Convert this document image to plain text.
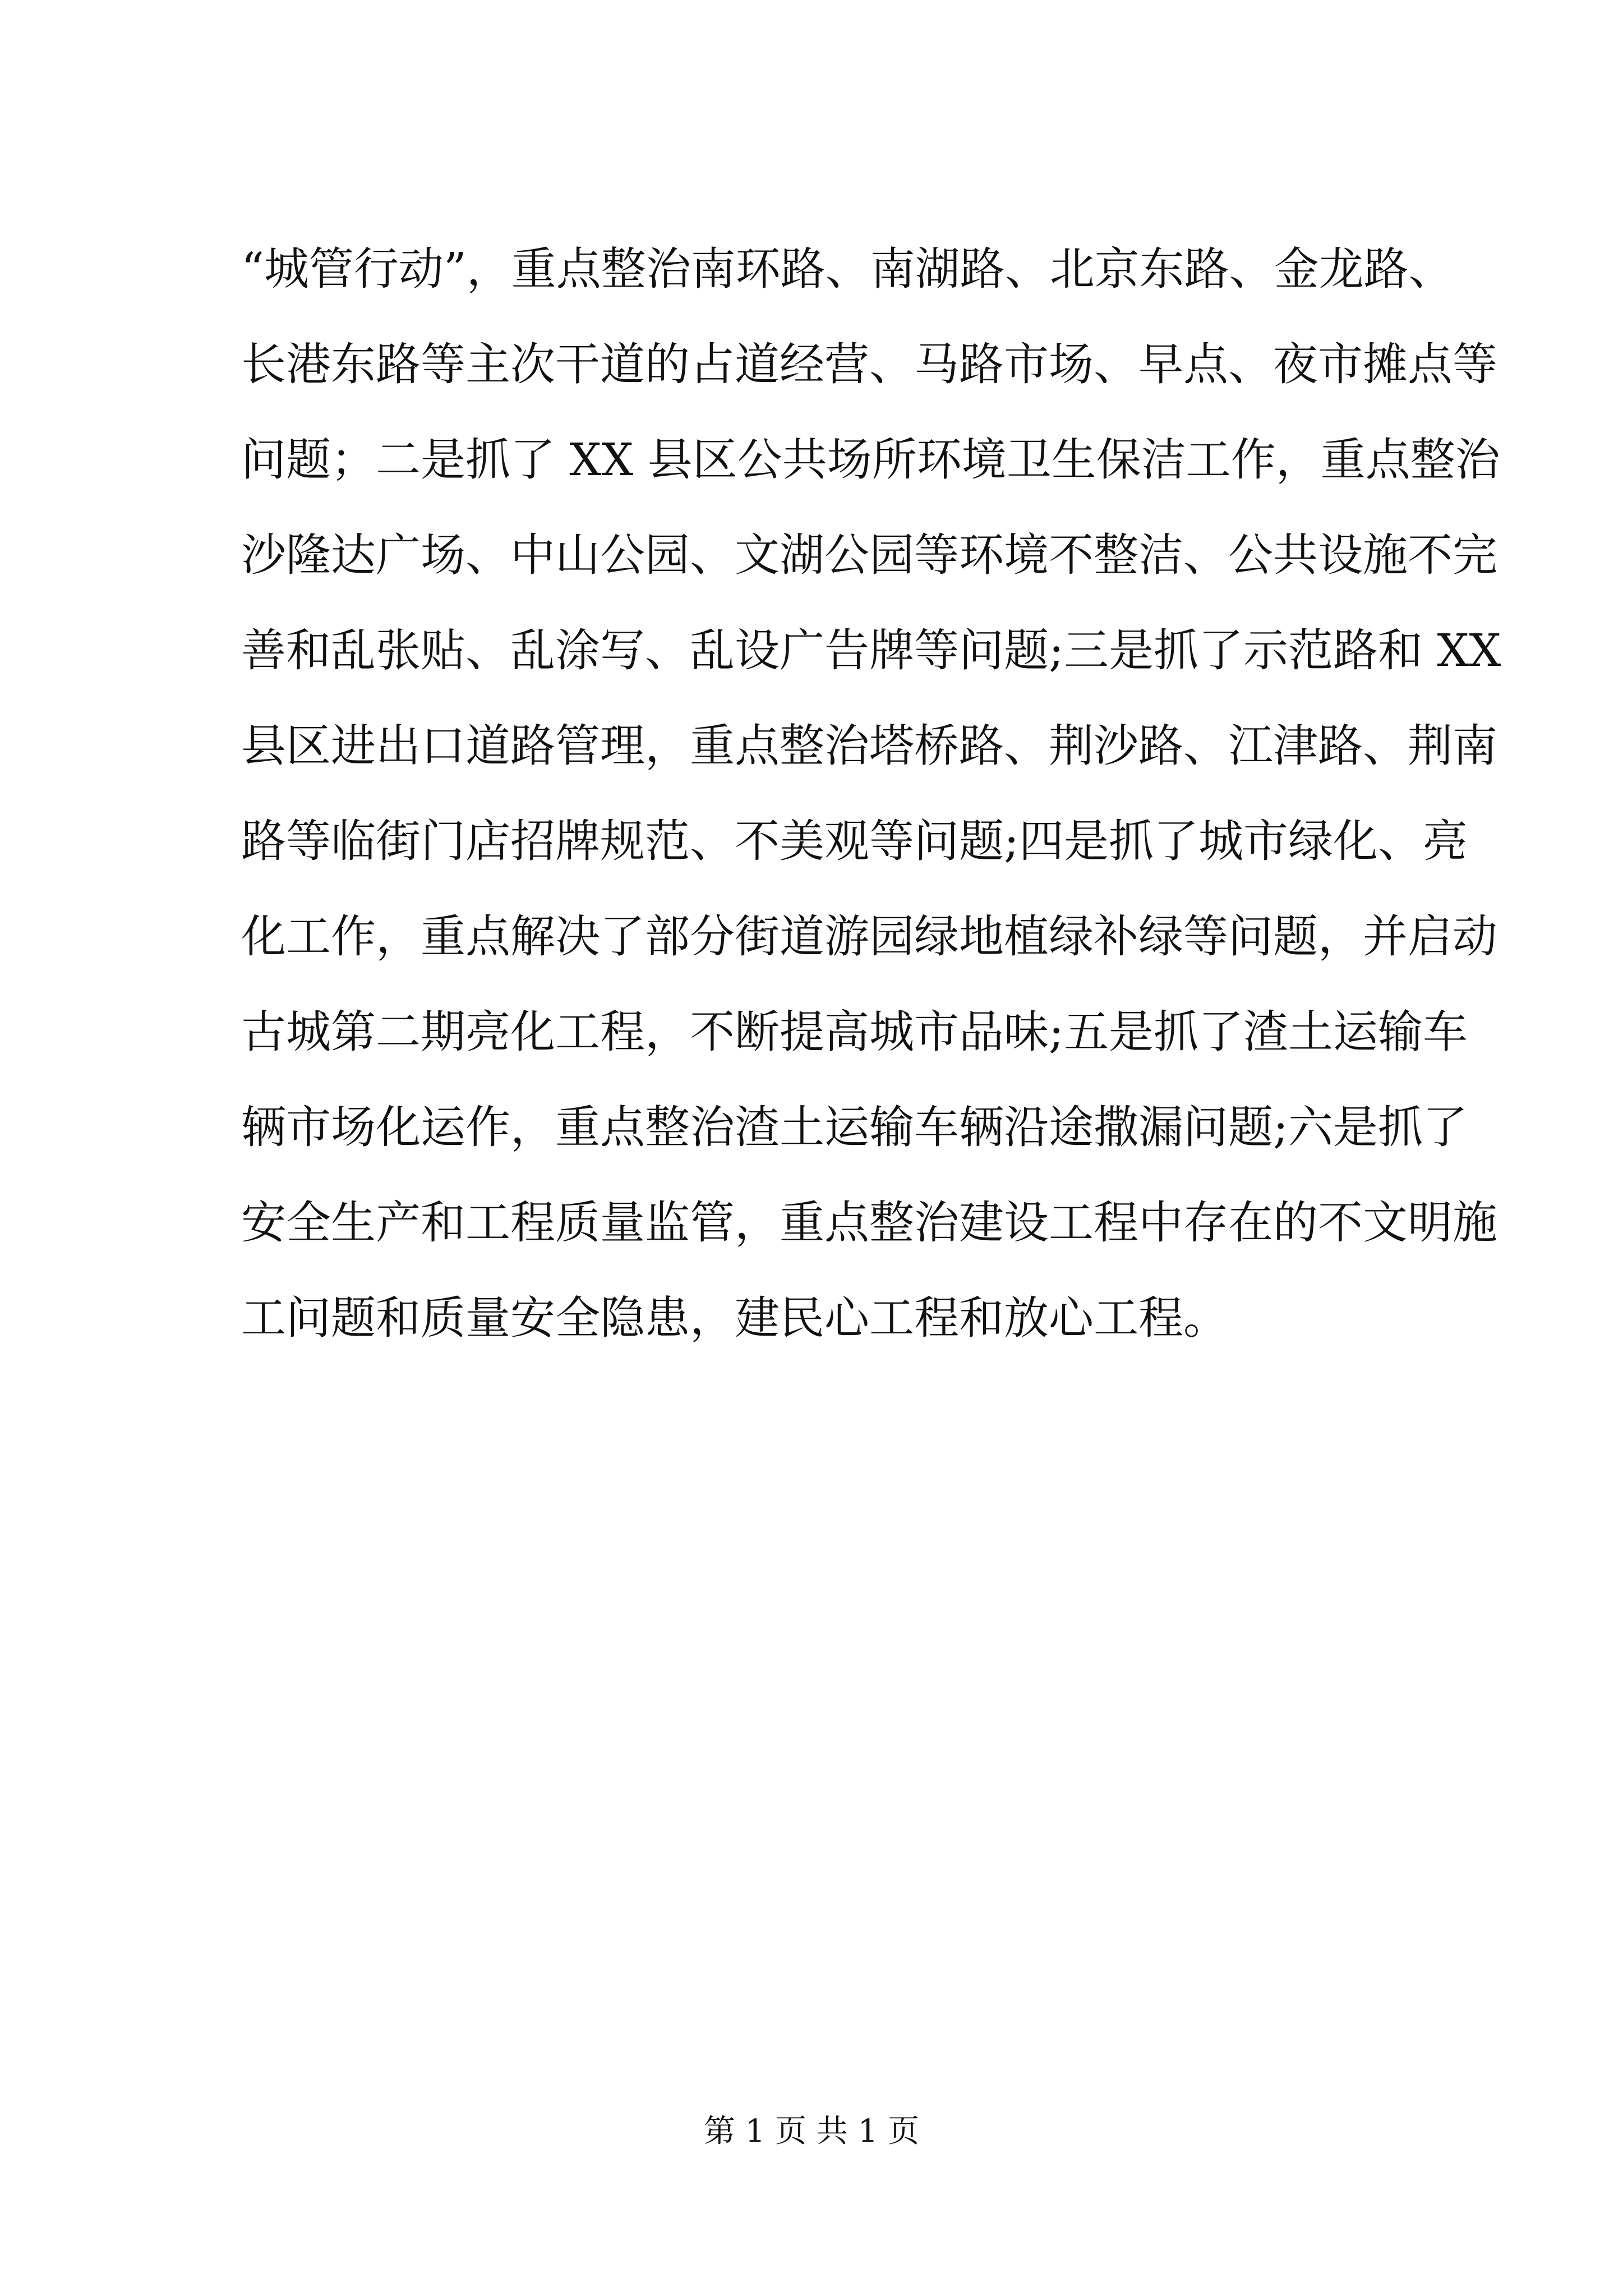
“城管行动”，重点整治南环路、南湖路、北京东路、金龙路、
长港东路等主次干道的占道经营、马路市场、早点、夜市摊点等
问题；二是抓了 XX 县区公共场所环境卫生保洁工作，重点整治
沙隆达广场、中山公园、文湖公园等环境不整洁、公共设施不完
善和乱张贴、乱涂写、乱设广告牌等问题;三是抓了示范路和 XX
县区进出口道路管理，重点整治塔桥路、荆沙路、江津路、荆南
路等临街门店招牌规范、不美观等问题;四是抓了城市绿化、亮
化工作，重点解决了部分街道游园绿地植绿补绿等问题，并启动
古城第二期亮化工程，不断提高城市品味;五是抓了渣土运输车
辆市场化运作，重点整治渣土运输车辆沿途撒漏问题;六是抓了
安全生产和工程质量监管，重点整治建设工程中存在的不文明施
工问题和质量安全隐患，建民心工程和放心工程。
第 1 页 共 1 页
